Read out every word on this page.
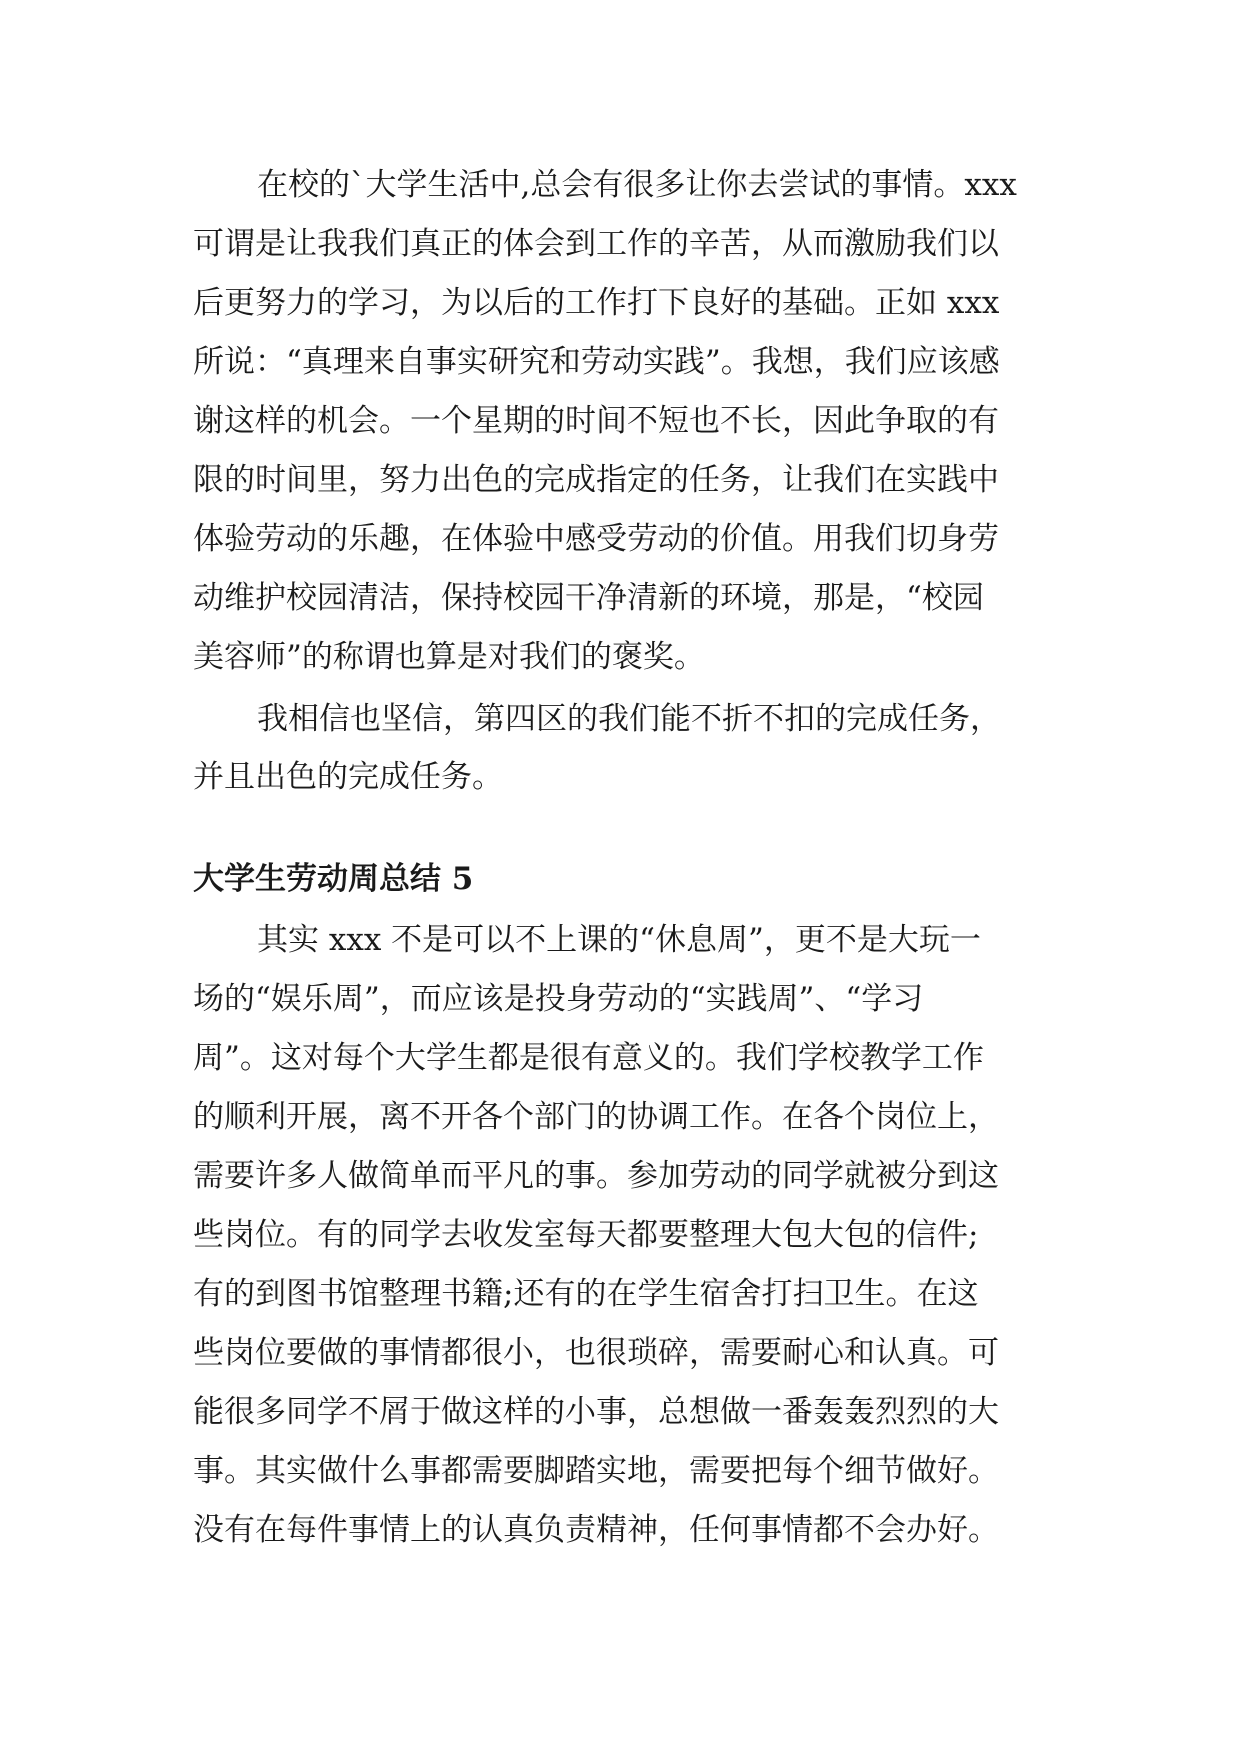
在校的`大学生活中,总会有很多让你去尝试的事情。xxx

可谓是让我我们真正的体会到工作的辛苦，从而激励我们以

后更努力的学习，为以后的工作打下良好的基础。正如 xxx

所说：“真理来自事实研究和劳动实践”。我想，我们应该感

谢这样的机会。一个星期的时间不短也不长，因此争取的有

限的时间里，努力出色的完成指定的任务，让我们在实践中

体验劳动的乐趣，在体验中感受劳动的价值。用我们切身劳

动维护校园清洁，保持校园干净清新的环境，那是，“校园

美容师”的称谓也算是对我们的褒奖。

我相信也坚信，第四区的我们能不折不扣的完成任务，

并且出色的完成任务。

大学生劳动周总结 5

其实 xxx 不是可以不上课的“休息周”，更不是大玩一

场的“娱乐周”，而应该是投身劳动的“实践周”、“学习

周”。这对每个大学生都是很有意义的。我们学校教学工作

的顺利开展，离不开各个部门的协调工作。在各个岗位上，

需要许多人做简单而平凡的事。参加劳动的同学就被分到这

些岗位。有的同学去收发室每天都要整理大包大包的信件;

有的到图书馆整理书籍;还有的在学生宿舍打扫卫生。在这

些岗位要做的事情都很小，也很琐碎，需要耐心和认真。可

能很多同学不屑于做这样的小事，总想做一番轰轰烈烈的大

事。其实做什么事都需要脚踏实地，需要把每个细节做好。

没有在每件事情上的认真负责精神，任何事情都不会办好。
